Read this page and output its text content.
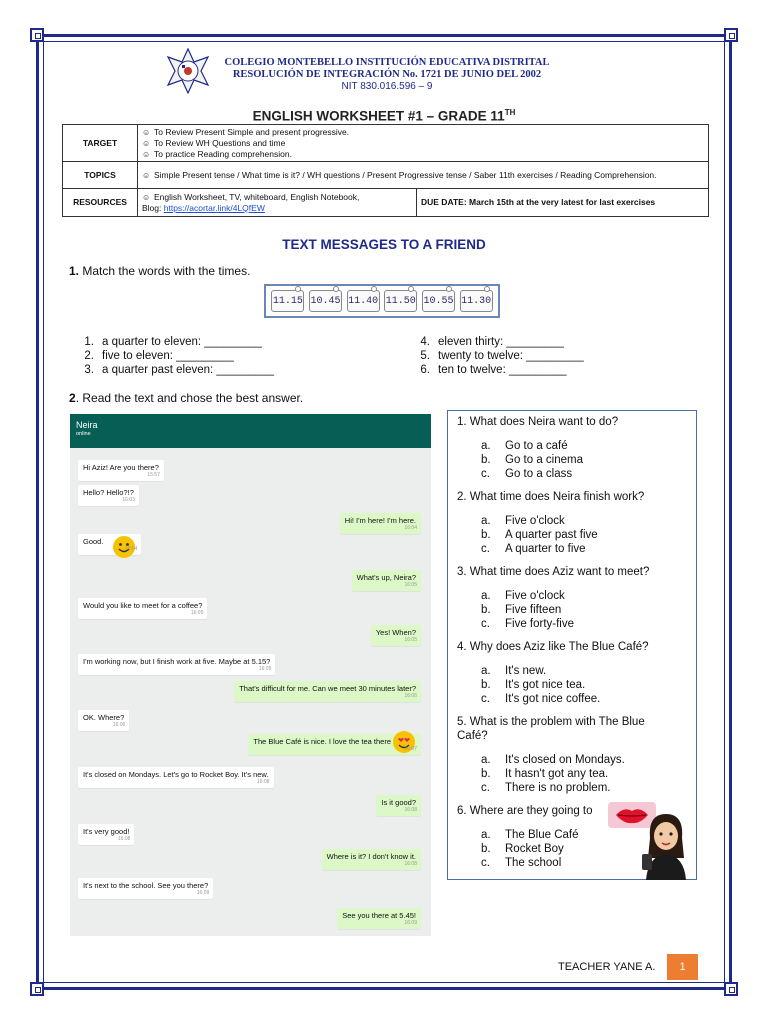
COLEGIO MONTEBELLO INSTITUCIÓN EDUCATIVA DISTRITAL
RESOLUCIÓN DE INTEGRACIÓN No. 1721 DE JUNIO DEL 2002
NIT 830.016.596 – 9
ENGLISH WORKSHEET #1 – GRADE 11TH
TARGET	☺ To Review Present Simple and present progressive.
☺ To Review WH Questions and time
☺ To practice Reading comprehension.	

TOPICS	☺ Simple Present tense / What time is it? / WH questions / Present Progressive tense / Saber 11th exercises / Reading Comprehension.	

RESOURCES	☺ English Worksheet, TV, whiteboard, English Notebook,
Blog: https://acortar.link/4LQfEW	DUE DATE: March 15th at the very latest for last exercises
TEXT MESSAGES TO A FRIEND
1. Match the words with the times.
11.15 10.45 11.40 11.50 10.55 11.30
1. a quarter to eleven: _________
2. five to eleven: _________
3. a quarter past eleven: _________
4. eleven thirty: _________
5. twenty to twelve: _________
6. ten to twelve: _________
2. Read the text and chose the best answer.
Neira
online
Hi Aziz! Are you there?
15:57
Hello? Hello?!?
16:03
Hi! I'm here! I'm here.
16:04
Good.
16:04
What's up, Neira?
16:05
Would you like to meet for a coffee?
16:05
Yes! When?
16:05
I'm working now, but I finish work at five. Maybe at 5.15?
16:05
That's difficult for me. Can we meet 30 minutes later?
16:06
OK. Where?
16:06
The Blue Café is nice. I love the tea there
16:07
It's closed on Mondays. Let's go to Rocket Boy. It's new.
16:08
Is it good?
16:08
It's very good!
16:08
Where is it? I don't know it.
16:08
It's next to the school. See you there?
16:09
See you there at 5.45!
16:09
1. What does Neira want to do?
a.	Go to a café
b.	Go to a cinema
c.	Go to a class
2. What time does Neira finish work?
a.	Five o'clock
b.	A quarter past five
c.	A quarter to five
3. What time does Aziz want to meet?
a.	Five o'clock
b.	Five fifteen
c.	Five forty-five
4. Why does Aziz like The Blue Café?
a.	It's new.
b.	It's got nice tea.
c.	It's got nice coffee.
5. What is the problem with The Blue Café?
a.	It's closed on Mondays.
b.	It hasn't got any tea.
c.	There is no problem.
6. Where are they going to
a.	The Blue Café
b.	Rocket Boy
c.	The school
TEACHER YANE A.	1
